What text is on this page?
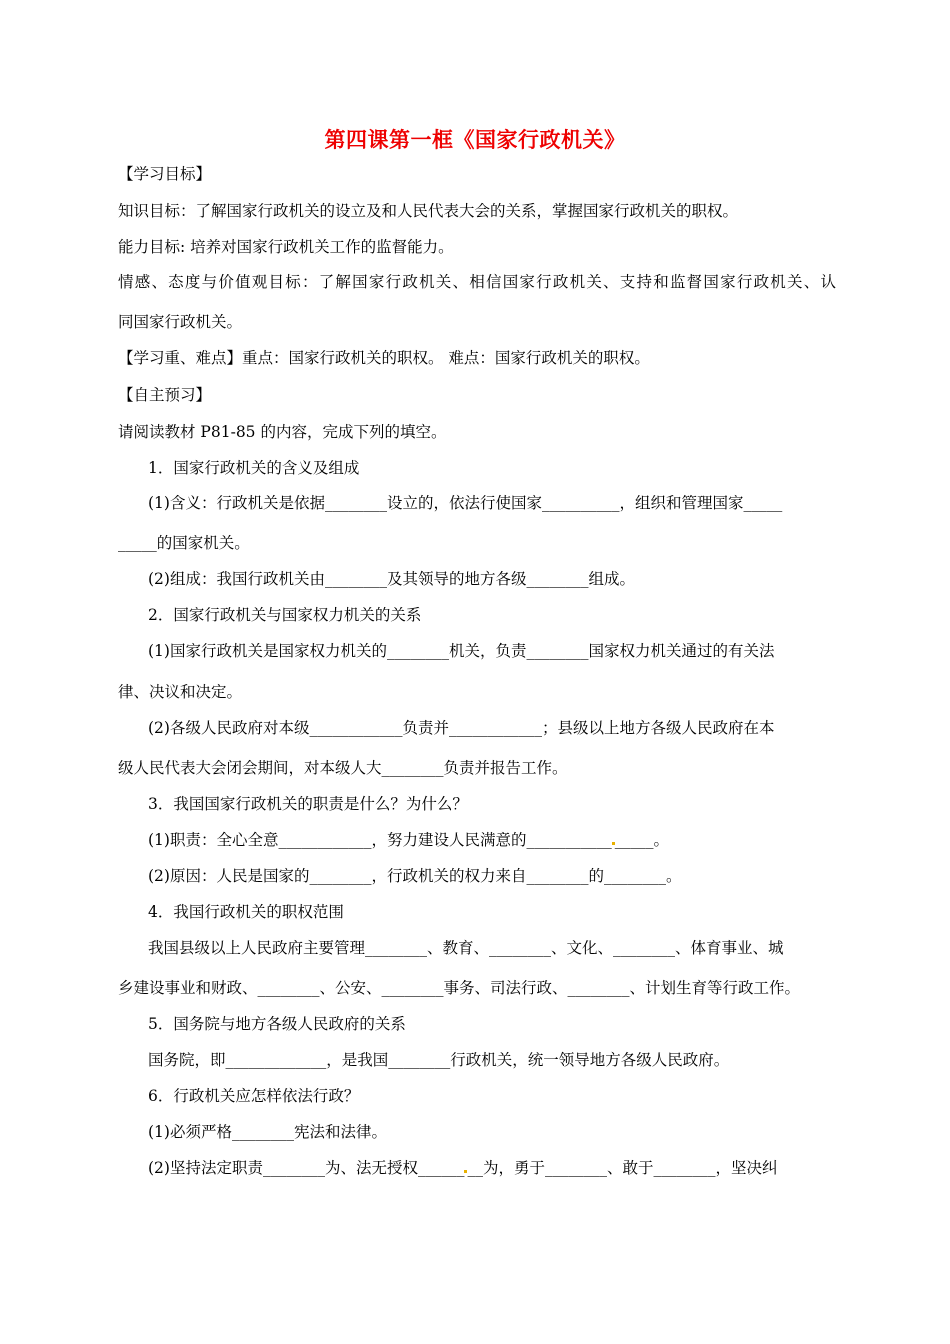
第四课第一框《国家行政机关》
【学习目标】
知识目标：了解国家行政机关的设立及和人民代表大会的关系，掌握国家行政机关的职权。
能力目标: 培养对国家行政机关工作的监督能力。
情感、态度与价值观目标：了解国家行政机关、相信国家行政机关、支持和监督国家行政机关、认
同国家行政机关。
【学习重、难点】重点：国家行政机关的职权。 难点：国家行政机关的职权。
【自主预习】
请阅读教材 P81-85 的内容，完成下列的填空。
1．国家行政机关的含义及组成
(1)含义：行政机关是依据________设立的，依法行使国家__________，组织和管理国家_____
_____的国家机关。
(2)组成：我国行政机关由________及其领导的地方各级________组成。
2．国家行政机关与国家权力机关的关系
(1)国家行政机关是国家权力机关的________机关，负责________国家权力机关通过的有关法
律、决议和决定。
(2)各级人民政府对本级____________负责并____________；县级以上地方各级人民政府在本
级人民代表大会闭会期间，对本级人大________负责并报告工作。
3．我国国家行政机关的职责是什么？为什么？
(1)职责：全心全意____________，努力建设人民满意的___________ _____。
(2)原因：人民是国家的________，行政机关的权力来自________的________。
4．我国行政机关的职权范围
我国县级以上人民政府主要管理________、教育、________、文化、________、体育事业、城
乡建设事业和财政、________、公安、________事务、司法行政、________、计划生育等行政工作。
5．国务院与地方各级人民政府的关系
国务院，即_____________，是我国________行政机关，统一领导地方各级人民政府。
6．行政机关应怎样依法行政？
(1)必须严格________宪法和法律。
(2)坚持法定职责________为、法无授权______ __为，勇于________、敢于________，坚决纠
